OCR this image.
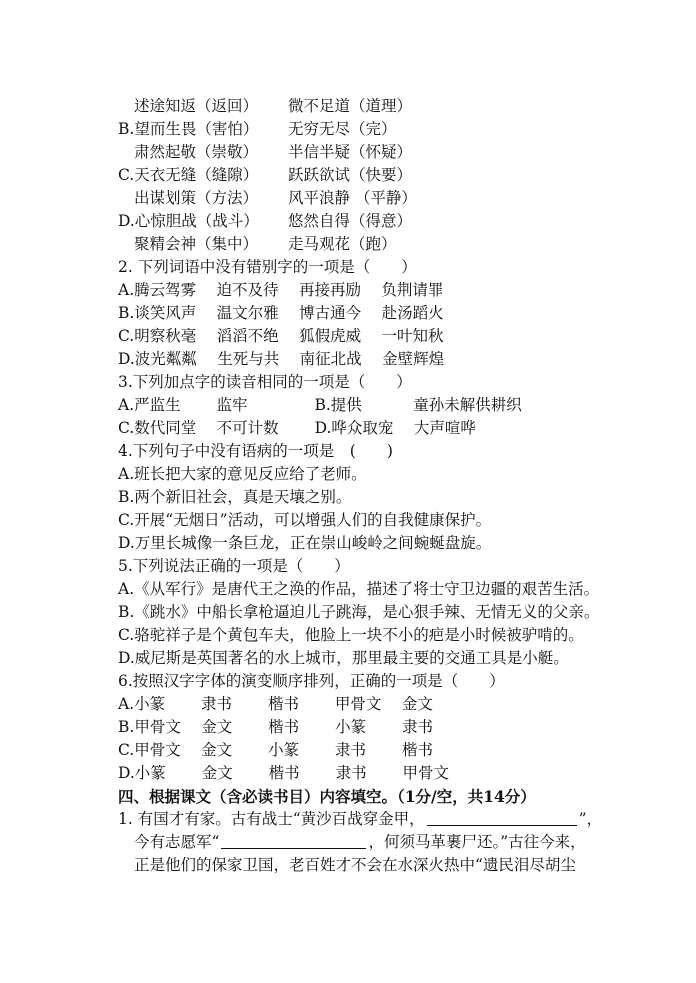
述途知返（返回） 微不足道（道理）
B.望而生畏（害怕） 无穷无尽（完）
肃然起敬（崇敬） 半信半疑（怀疑）
C.天衣无缝（缝隙） 跃跃欲试（快要）
出谋划策（方法） 风平浪静 （平静）
D.心惊胆战（战斗） 悠然自得（得意）
聚精会神（集中） 走马观花（跑）
2. 下列词语中没有错别字的一项是（　　）
A.腾云驾雾　 迫不及待　 再接再励　 负荆请罪
B.谈笑风声　 温文尔雅　 博古通今　 赴汤蹈火
C.明察秋毫　 滔滔不绝　 狐假虎威　 一叶知秋
D.波光粼粼　 生死与共　 南征北战　 金壁辉煌
3.下列加点字的读音相同的一项是（　　）
A.严监生　　 监牢　　　　 B.提供　　　 童孙未解供耕织
C.数代同堂　 不可计数　　 D.哗众取宠　 大声喧哗
4.下列句子中没有语病的一项是　(　　)
A.班长把大家的意见反应给了老师。
B.两个新旧社会，真是天壤之别。
C.开展“无烟日”活动，可以增强人们的自我健康保护。
D.万里长城像一条巨龙，正在崇山峻岭之间蜿蜒盘旋。
5.下列说法正确的一项是（　　）
A.《从军行》是唐代王之涣的作品，描述了将士守卫边疆的艰苦生活。
B.《跳水》中船长拿枪逼迫儿子跳海，是心狠手辣、无情无义的父亲。
C.骆驼祥子是个黄包车夫，他脸上一块不小的疤是小时候被驴啃的。
D.威尼斯是英国著名的水上城市，那里最主要的交通工具是小艇。
6.按照汉字字体的演变顺序排列，正确的一项是（　　）
A.小篆　　 隶书　　 楷书　　 甲骨文　 金文
B.甲骨文　 金文　　 楷书　　 小篆　　 隶书
C.甲骨文　 金文　　 小篆　　 隶书　　 楷书
D.小篆　　 金文　　 楷书　　 隶书　　 甲骨文
四、根据课文（含必读书目）内容填空。（1分/空，共14分）
1. 有国才有家。古有战士“黄沙百战穿金甲，	”，
今有志愿军“	，何须马革裹尸还。”古往今来，
正是他们的保家卫国，老百姓才不会在水深火热中“遗民泪尽胡尘
